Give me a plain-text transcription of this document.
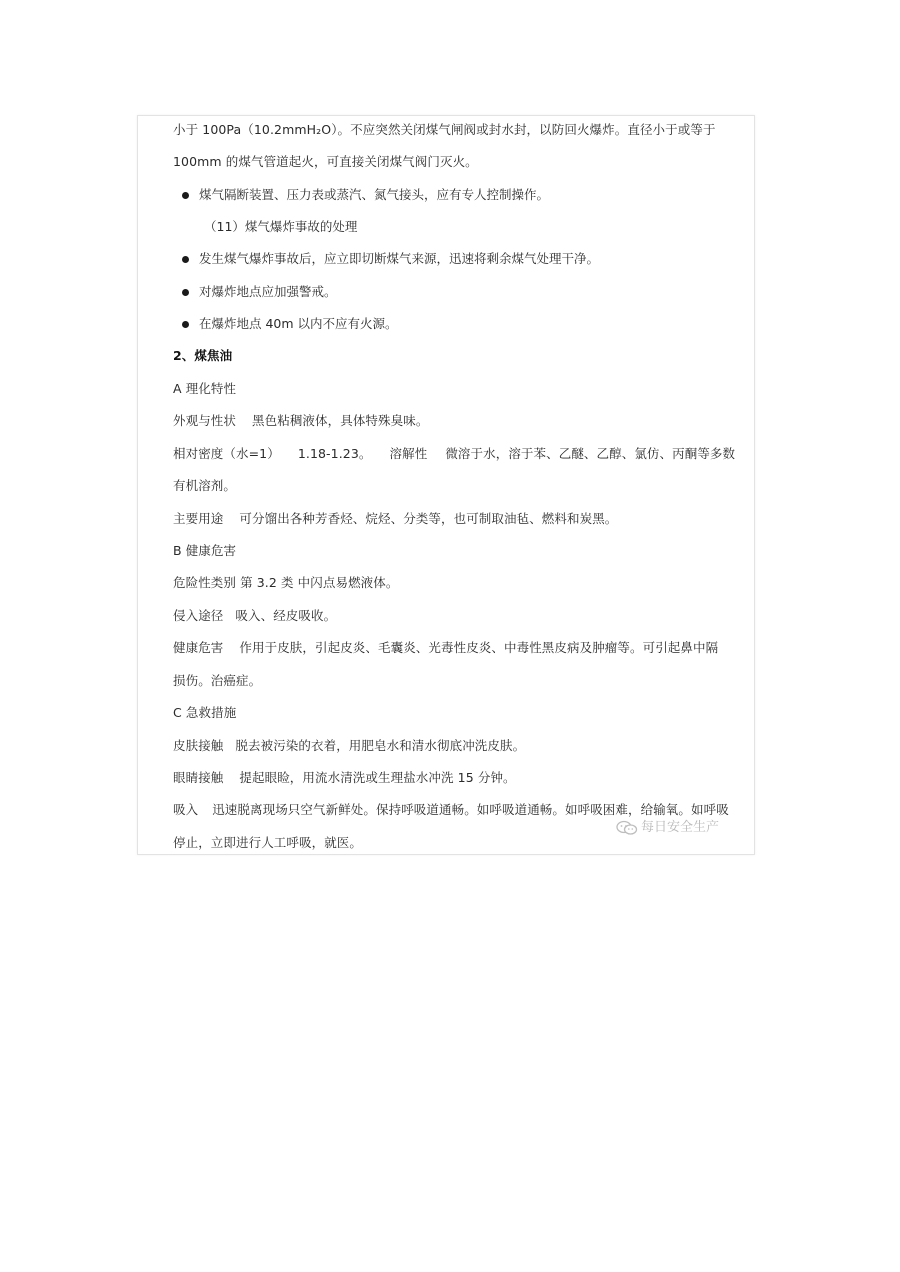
小于 100Pa（10.2mmH₂O）。不应突然关闭煤气闸阀或封水封，以防回火爆炸。直径小于或等于
100mm 的煤气管道起火，可直接关闭煤气阀门灭火。
煤气隔断装置、压力表或蒸汽、氮气接头，应有专人控制操作。
（11）煤气爆炸事故的处理
发生煤气爆炸事故后，应立即切断煤气来源，迅速将剩余煤气处理干净。
对爆炸地点应加强警戒。
在爆炸地点 40m 以内不应有火源。
2、煤焦油
A 理化特性
外观与性状 黑色粘稠液体，具体特殊臭味。
相对密度（水=1） 1.18-1.23。 溶解性 微溶于水，溶于苯、乙醚、乙醇、氯仿、丙酮等多数
有机溶剂。
主要用途 可分馏出各种芳香烃、烷烃、分类等，也可制取油毡、燃料和炭黑。
B 健康危害
危险性类别 第 3.2 类 中闪点易燃液体。
侵入途径 吸入、经皮吸收。
健康危害 作用于皮肤，引起皮炎、毛囊炎、光毒性皮炎、中毒性黑皮病及肿瘤等。可引起鼻中隔
损伤。治癌症。
C 急救措施
皮肤接触 脱去被污染的衣着，用肥皂水和清水彻底冲洗皮肤。
眼睛接触 提起眼睑，用流水清洗或生理盐水冲洗 15 分钟。
吸入 迅速脱离现场只空气新鲜处。保持呼吸道通畅。如呼吸道通畅。如呼吸困难，给输氧。如呼吸
停止，立即进行人工呼吸，就医。
每日安全生产
